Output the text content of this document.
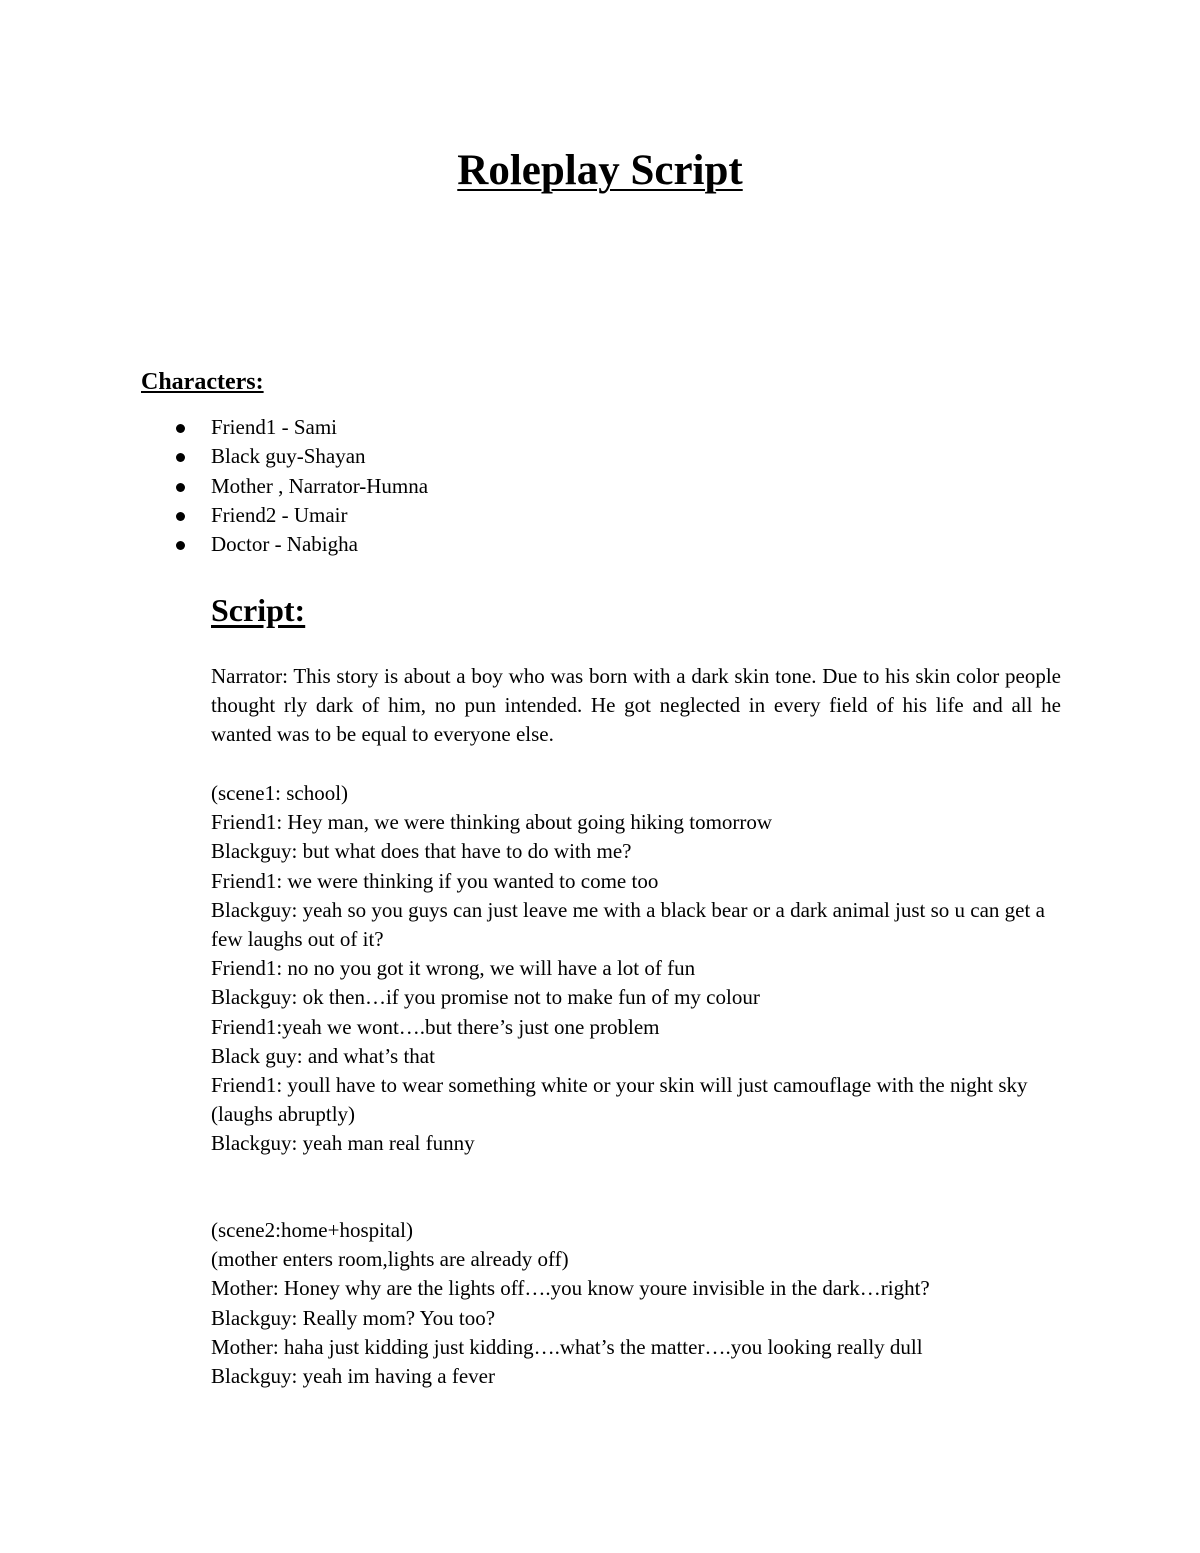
Roleplay Script
Characters:
Friend1 - Sami
Black guy-Shayan
Mother , Narrator-Humna
Friend2 - Umair
Doctor - Nabigha
Script:

Narrator: This story is about a boy who was born with a dark skin tone. Due to his skin color people thought rly dark of him, no pun intended. He got neglected in every field of his life and all he wanted was to be equal to everyone else.

(scene1: school)
Friend1: Hey man, we were thinking about going hiking tomorrow
Blackguy: but what does that have to do with me?
Friend1: we were thinking if you wanted to come too
Blackguy: yeah so you guys can just leave me with a black bear or a dark animal just so u can get a few laughs out of it?
Friend1: no no you got it wrong, we will have a lot of fun
Blackguy: ok then…if you promise not to make fun of my colour
Friend1:yeah we wont….but there’s just one problem
Black guy: and what’s that
Friend1: youll have to wear something white or your skin will just camouflage with the night sky (laughs abruptly)
Blackguy: yeah man real funny
(scene2:home+hospital)
(mother enters room,lights are already off)
Mother: Honey why are the lights off….you know youre invisible in the dark…right?
Blackguy: Really mom? You too?
Mother: haha just kidding just kidding….what’s the matter….you looking really dull
Blackguy: yeah im having a fever
